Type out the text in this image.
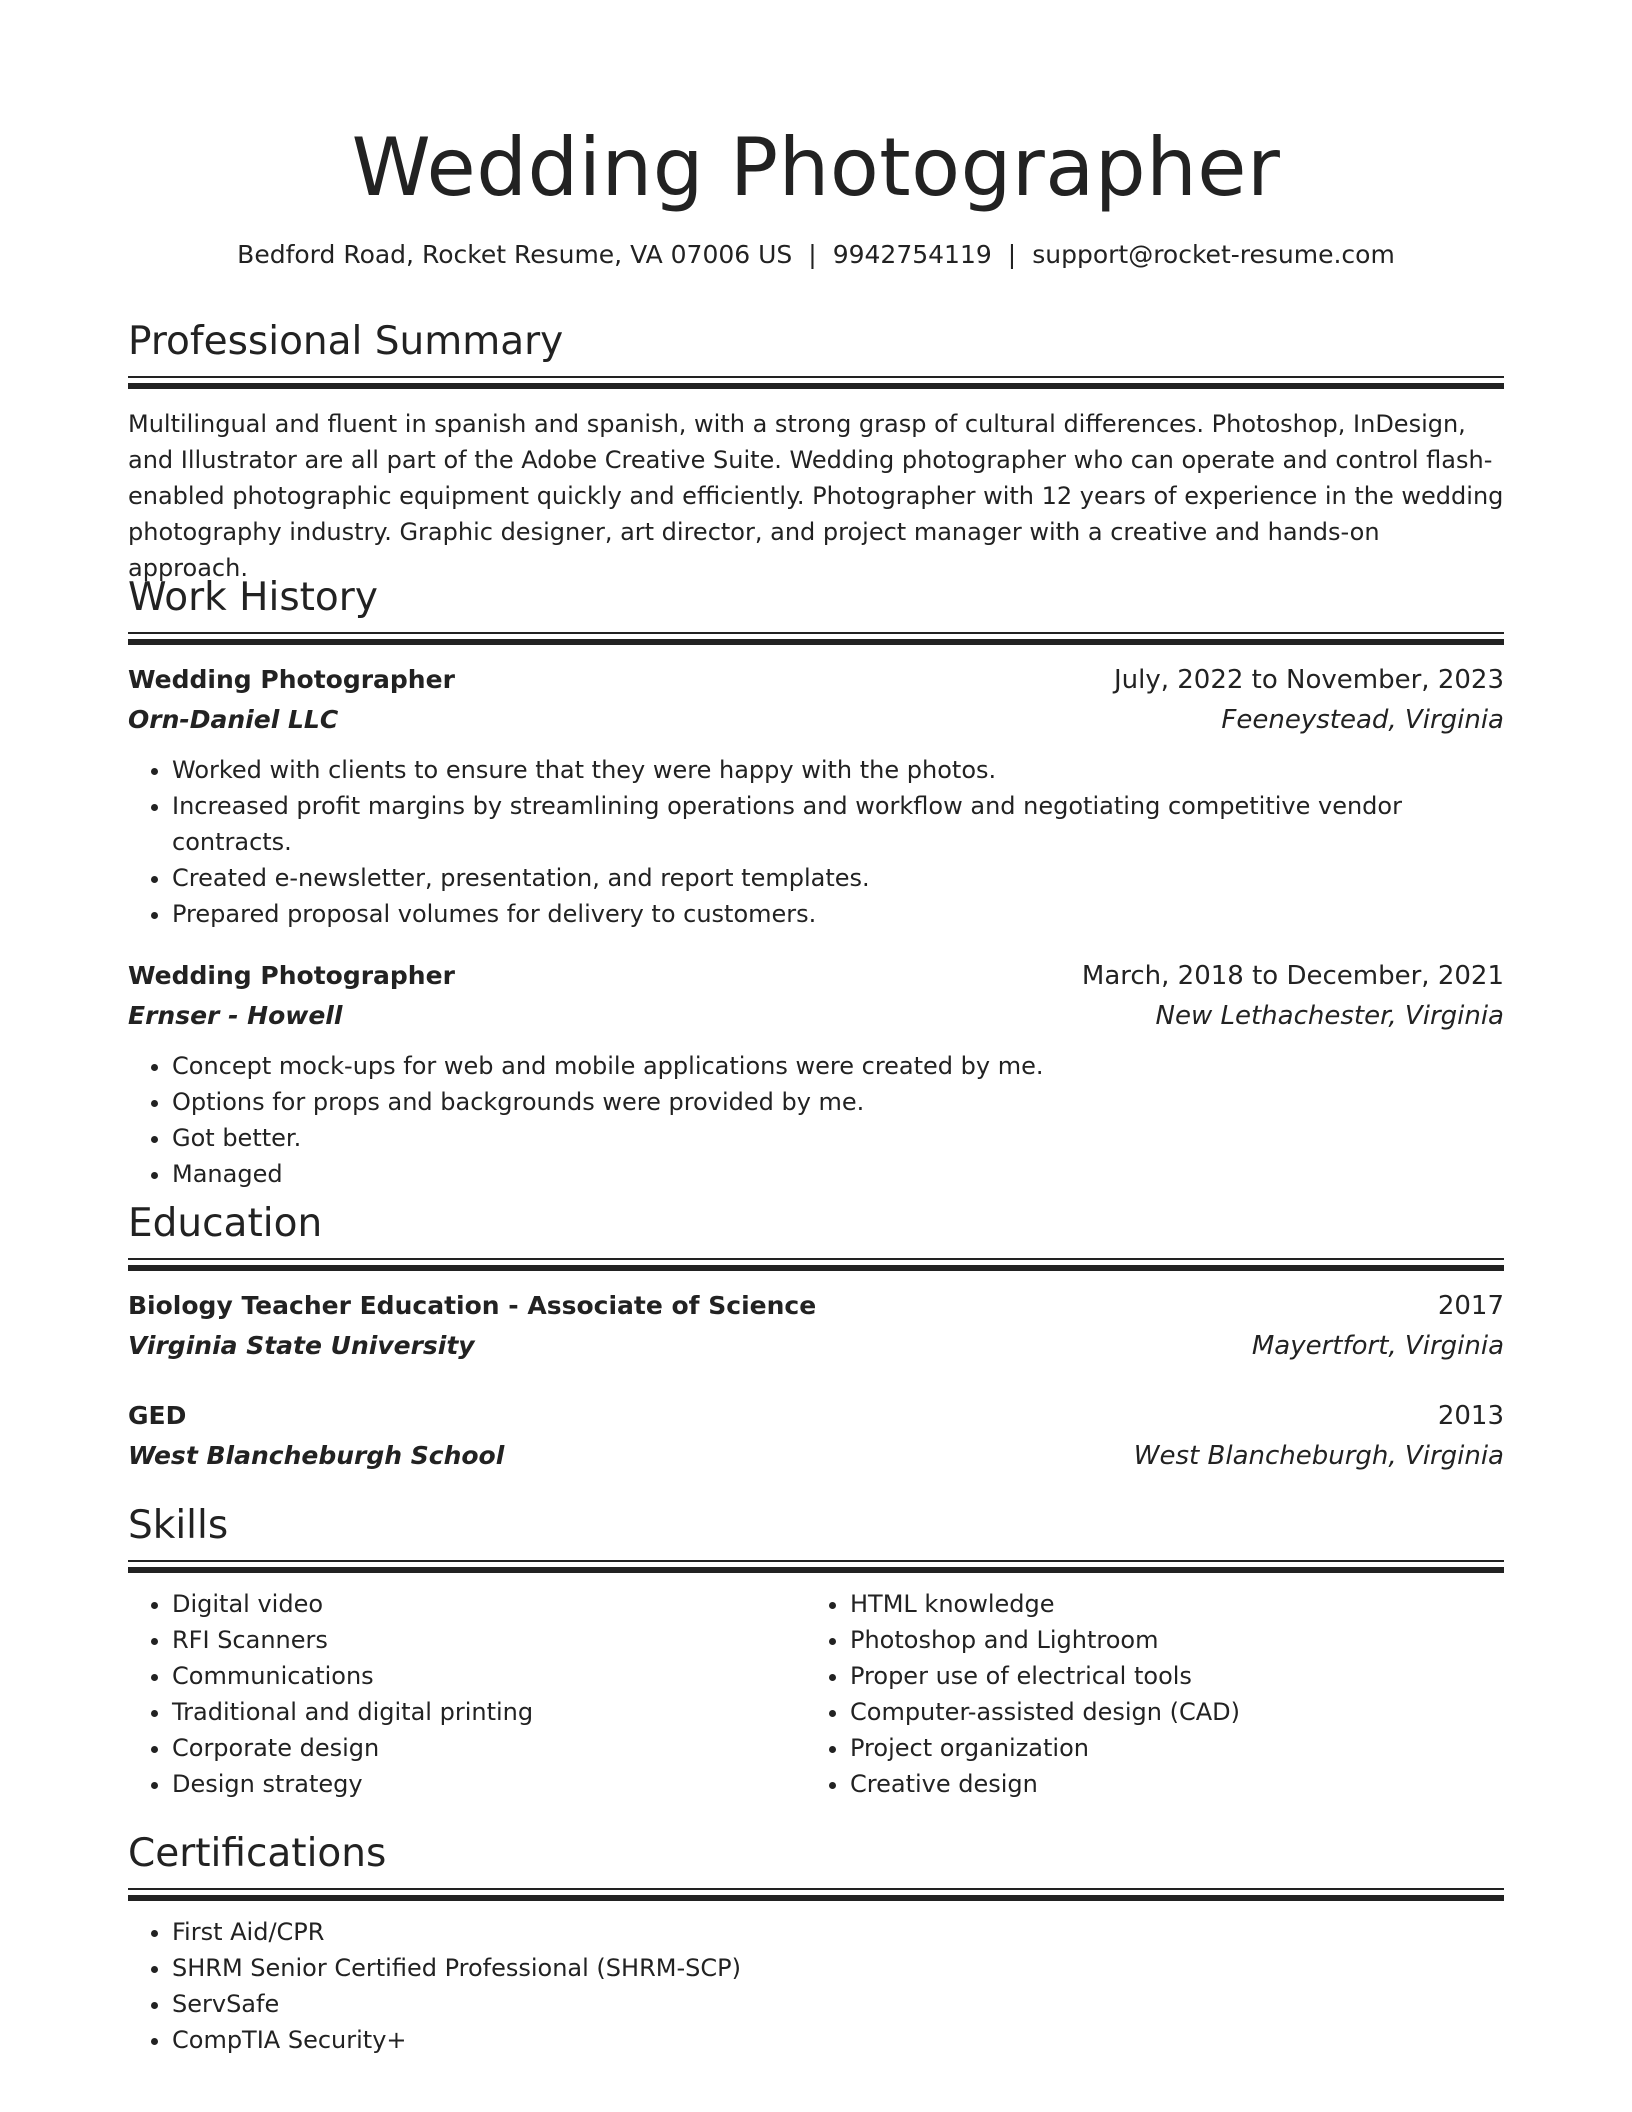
Wedding Photographer
Bedford Road, Rocket Resume, VA 07006 US | 9942754119 | support@rocket-resume.com
Professional Summary
Multilingual and fluent in spanish and spanish, with a strong grasp of cultural differences. Photoshop, InDesign, and Illustrator are all part of the Adobe Creative Suite. Wedding photographer who can operate and control flash-enabled photographic equipment quickly and efficiently. Photographer with 12 years of experience in the wedding photography industry. Graphic designer, art director, and project manager with a creative and hands-on approach.
Work History
Wedding Photographer	July, 2022 to November, 2023
Orn-Daniel LLC	Feeneystead, Virginia
• Worked with clients to ensure that they were happy with the photos.
• Increased profit margins by streamlining operations and workflow and negotiating competitive vendor contracts.
• Created e-newsletter, presentation, and report templates.
• Prepared proposal volumes for delivery to customers.
Wedding Photographer	March, 2018 to December, 2021
Ernser - Howell	New Lethachester, Virginia
• Concept mock-ups for web and mobile applications were created by me.
• Options for props and backgrounds were provided by me.
• Got better.
• Managed
Education
Biology Teacher Education - Associate of Science	2017
Virginia State University	Mayertfort, Virginia
GED	2013
West Blancheburgh School	West Blancheburgh, Virginia
Skills
• Digital video
• RFI Scanners
• Communications
• Traditional and digital printing
• Corporate design
• Design strategy
• HTML knowledge
• Photoshop and Lightroom
• Proper use of electrical tools
• Computer-assisted design (CAD)
• Project organization
• Creative design
Certifications
• First Aid/CPR
• SHRM Senior Certified Professional (SHRM-SCP)
• ServSafe
• CompTIA Security+
